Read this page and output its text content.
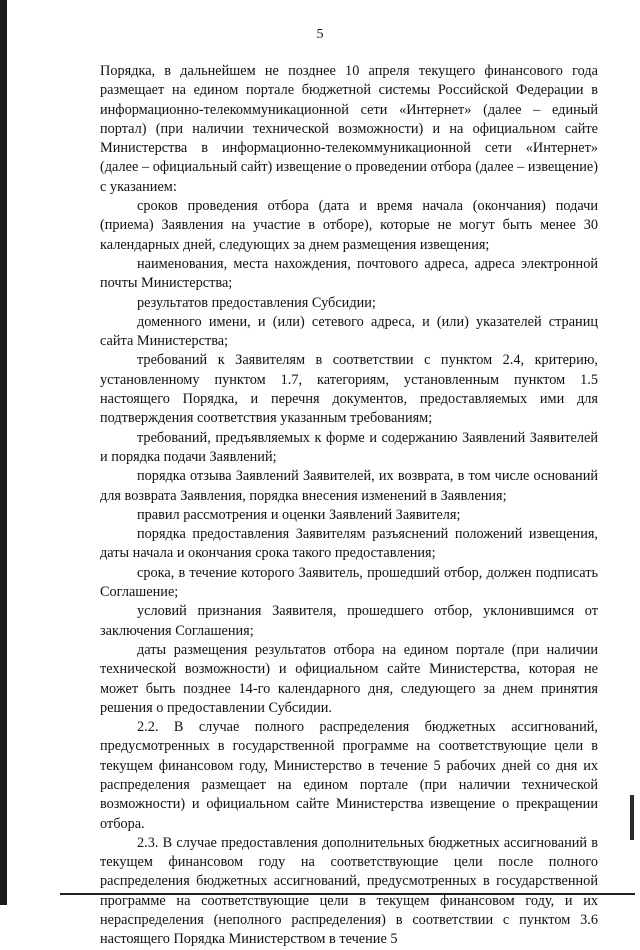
5

Порядка, в дальнейшем не позднее 10 апреля текущего финансового года размещает на едином портале бюджетной системы Российской Федерации в информационно-телекоммуникационной сети «Интернет» (далее – единый портал) (при наличии технической возможности) и на официальном сайте Министерства в информационно-телекоммуникационной сети «Интернет» (далее – официальный сайт) извещение о проведении отбора (далее – извещение) с указанием:

сроков проведения отбора (дата и время начала (окончания) подачи (приема) Заявления на участие в отборе), которые не могут быть менее 30 календарных дней, следующих за днем размещения извещения;

наименования, места нахождения, почтового адреса, адреса электронной почты Министерства;

результатов предоставления Субсидии;

доменного имени, и (или) сетевого адреса, и (или) указателей страниц сайта Министерства;

требований к Заявителям в соответствии с пунктом 2.4, критерию, установленному пунктом 1.7, категориям, установленным пунктом 1.5 настоящего Порядка, и перечня документов, предоставляемых ими для подтверждения соответствия указанным требованиям;

требований, предъявляемых к форме и содержанию Заявлений Заявителей и порядка подачи Заявлений;

порядка отзыва Заявлений Заявителей, их возврата, в том числе оснований для возврата Заявления, порядка внесения изменений в Заявления;

правил рассмотрения и оценки Заявлений Заявителя;

порядка предоставления Заявителям разъяснений положений извещения, даты начала и окончания срока такого предоставления;

срока, в течение которого Заявитель, прошедший отбор, должен подписать Соглашение;

условий признания Заявителя, прошедшего отбор, уклонившимся от заключения Соглашения;

даты размещения результатов отбора на едином портале (при наличии технической возможности) и официальном сайте Министерства, которая не может быть позднее 14-го календарного дня, следующего за днем принятия решения о предоставлении Субсидии.

2.2. В случае полного распределения бюджетных ассигнований, предусмотренных в государственной программе на соответствующие цели в текущем финансовом году, Министерство в течение 5 рабочих дней со дня их распределения размещает на едином портале (при наличии технической возможности) и официальном сайте Министерства извещение о прекращении отбора.

2.3. В случае предоставления дополнительных бюджетных ассигнований в текущем финансовом году на соответствующие цели после полного распределения бюджетных ассигнований, предусмотренных в государственной программе на соответствующие цели в текущем финансовом году, и их нераспределения (неполного распределения) в соответствии с пунктом 3.6 настоящего Порядка Министерством в течение 5
